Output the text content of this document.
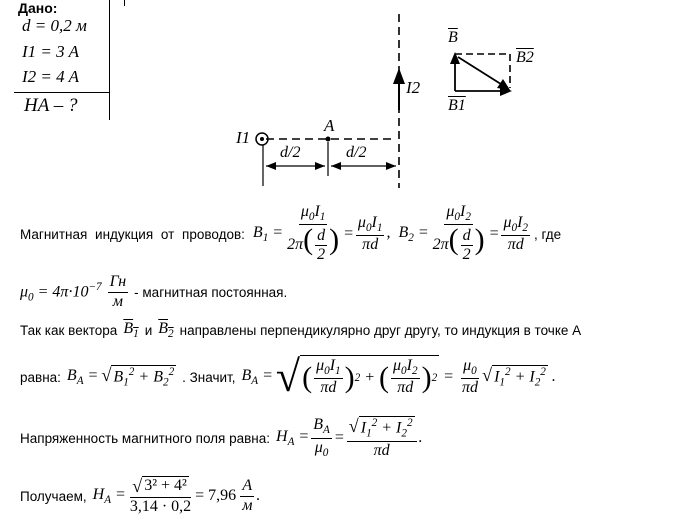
Дано:
d = 0,2 м
I1 = 3 A
I2 = 4 A
HA – ?
I1
I2
A
d/2	d/2
$\overline{B}$
B2
B1
Магнитная индукция от проводов: $B_1 = \frac{\mu_0I_1}{2\pi( \frac{d}{2} )} = \frac{\mu_0I_1}{\pi d}$ ,  $B_2 = \frac{\mu_0I_2}{2\pi( \frac{d}{2} )} = \frac{\mu_0I_2}{\pi d}$ , где
$\mu_0 = 4\pi\cdot 10^{-7} \frac{Гн}{м}$ - магнитная постоянная.
Так как вектора $B_1$ и $B_2$ направлены перпендикулярно друг другу, то индукция в точке А
равна: $B_A$ = √ $B_1^2 + B_2^2$ . Значит, $B_A$ = √ ( $\frac{\mu_0I_1}{\pi d}$ ) 2 + ( $\frac{\mu_0I_2}{\pi d}$ ) $2 = \frac{\mu_0}{\pi d}$ √ $I_1^2 + I_2^2$ .
Напряженность магнитного поля равна: $H_A = \frac{B_A}{\mu_0} = \frac{√ I_1^2 + I_2^2}{\pi d}$ .
Получаем, $H_A = \frac{\text{√ 3² + 4²}}{3,14 \cdot 0,2} = 7,96 \frac{A}{м}$ .
